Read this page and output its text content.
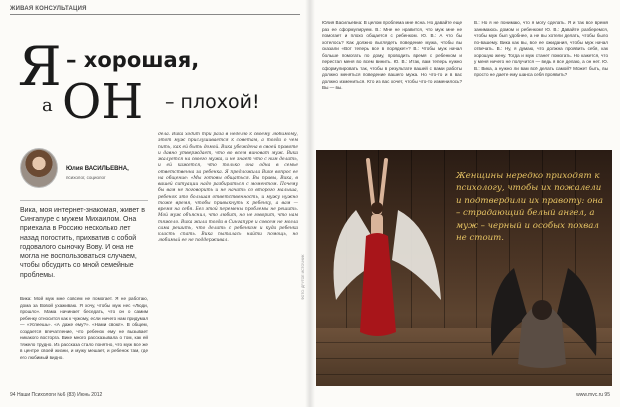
ЖИВАЯ КОНСУЛЬТАЦИЯ
Я – хорошая,
а ОН – плохой!
Юлия ВАСИЛЬЕВНА,
психолог, социолог
Вика, моя интернет-знакомая, живет в Сингапуре с мужем Михаилом. Она приехала в Россию несколько лет назад погостить, прихватив с собой годовалого сыночку Вову. И она не могла не воспользоваться случаем, чтобы обсудить со мной семейные проблемы.
Вика: Мой муж мне совсем не помогает. Я не работаю, дома за Вовой ухаживаю. Я хочу, чтобы муж нес «Люди, прошло». Мама начинает беседать, что он о самим ребенку относится как к чужому, если ничего нам придумал — «Успеешь». «А даже ему?». «Нами свою!». В общем, создается впечатление, что ребенок ему не вызывает никакого восторга. Вике много рассказывала о том, как ей тяжело трудно. Из рассказа стало понятно, что муж все же в центре своей жизни, и мужу мешает, и ребенок там, где его любимый видно.
дела. Вика ходит три раза в неделю к своему любимому, этот муж прислушивается к советам, а тогда о чем пить, как ей быть домой. Вика убеждена в своей правоте и давно утверждает, что во всем виноват муж. Вика жалуется на своего мужа, и не знает что с ним делать, и ей кажется, что только она одна в семье ответственна за ребенка. Я предложила Вике вопрос ее на общение: «Мы готовы общаться. Вы правы, Вика, в вашей ситуации надо разбираться с моментом. Почему бы вам не поговорить и не начать со второго малыша, ребенок это большая ответственность, и мужу нужно тоже время, чтобы привыкнуть к ребенку, а вам — время на себя. Без этой перемены проблемы не решить. Мой муж объяснил, что любит, но не говорит, что нам тяжело. Вика жила тогда в Сингапуре и совсем не могла сама решить, что делать с ребенком и куда ребенка класть спать. Вика пыталась найти помощь, но любимый ее не поддерживал.
94 Наши Психологи №6 (83) Июнь 2012
ФОТО: ДРУГОЕ ИСТОЧНИК
Юлия Васильевна: В целом проблема мне ясна. Но давайте еще раз ее сформулируем. В.: Мне не нравится, что муж мне не помогает и плохо общается с ребенком. Ю. В.: А что бы хотелось? Как должно выглядеть поведение мужа, чтобы вы сказали «Вот теперь все в порядке!»? В.: Чтобы муж начал больше помогать по дому, проводить время с ребенком и перестал меня во всем винить. Ю. В.: Итак, вам теперь нужно сформулировать так, чтобы в результате вашей с вами работы должно меняться поведение вашего мужа. Но что-то и в вас должно измениться. Кто из вас хочет, чтобы что-то изменилось? Вы — вы.
В.: Но я не понимаю, что я могу сделать. Я и так все время занимаюсь домом и ребенком! Ю. В.: Давайте разберемся, чтобы муж был удобнее, а не вы хотели делать, чтобы было по-вашему. Вика как вы, все ее ожидания, чтобы муж начал отвечать. В.: Ну, я думаю, что должна проявить себя, как хорошую жену. Тогда и муж станет помогать. Но кажется, что у меня ничего не получится — ведь я все делаю, а он нет. Ю. В.: Вика, а нужно ли вам всё делать самой? Может быть, вы просто не даете ему шанса себя проявить?
Женщины нередко приходят к психологу, чтобы их пожалели и подтвердили их правоту: она – страдающий белый ангел, а муж – черный и особых похвал не стоит.
www.mvc.ru 95
